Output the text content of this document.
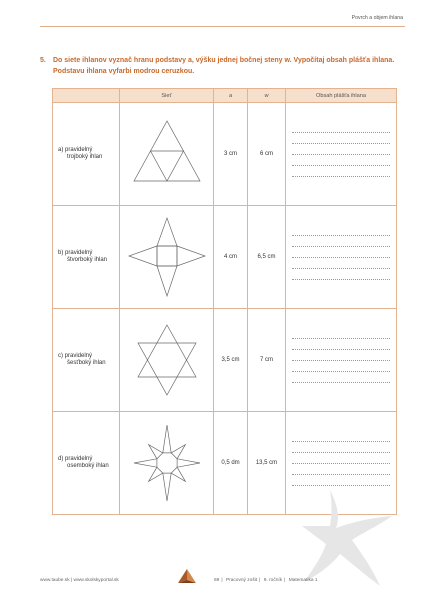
Povrch a objem ihlana
5. Do siete ihlanov vyznač hranu podstavy a, výšku jednej bočnej steny w. Vypočítaj obsah plášťa ihlana. Podstavu ihlana vyfarbi modrou ceruzkou.
	Sieť	a	w	Obsah plášťa ihlana
a) pravidelný
trojboký ihlan		3 cm	6 cm	

b) pravidelný
štvorboký ihlan		4 cm	6,5 cm	

c) pravidelný
šesťboký ihlan		3,5 cm	7 cm	

d) pravidelný
osemboký ihlan		0,5 dm	13,5 cm	
www.taube.sk | www.skolskyportal.sk	69 | Pracovný zošit | 9. ročník | Matematika 1
